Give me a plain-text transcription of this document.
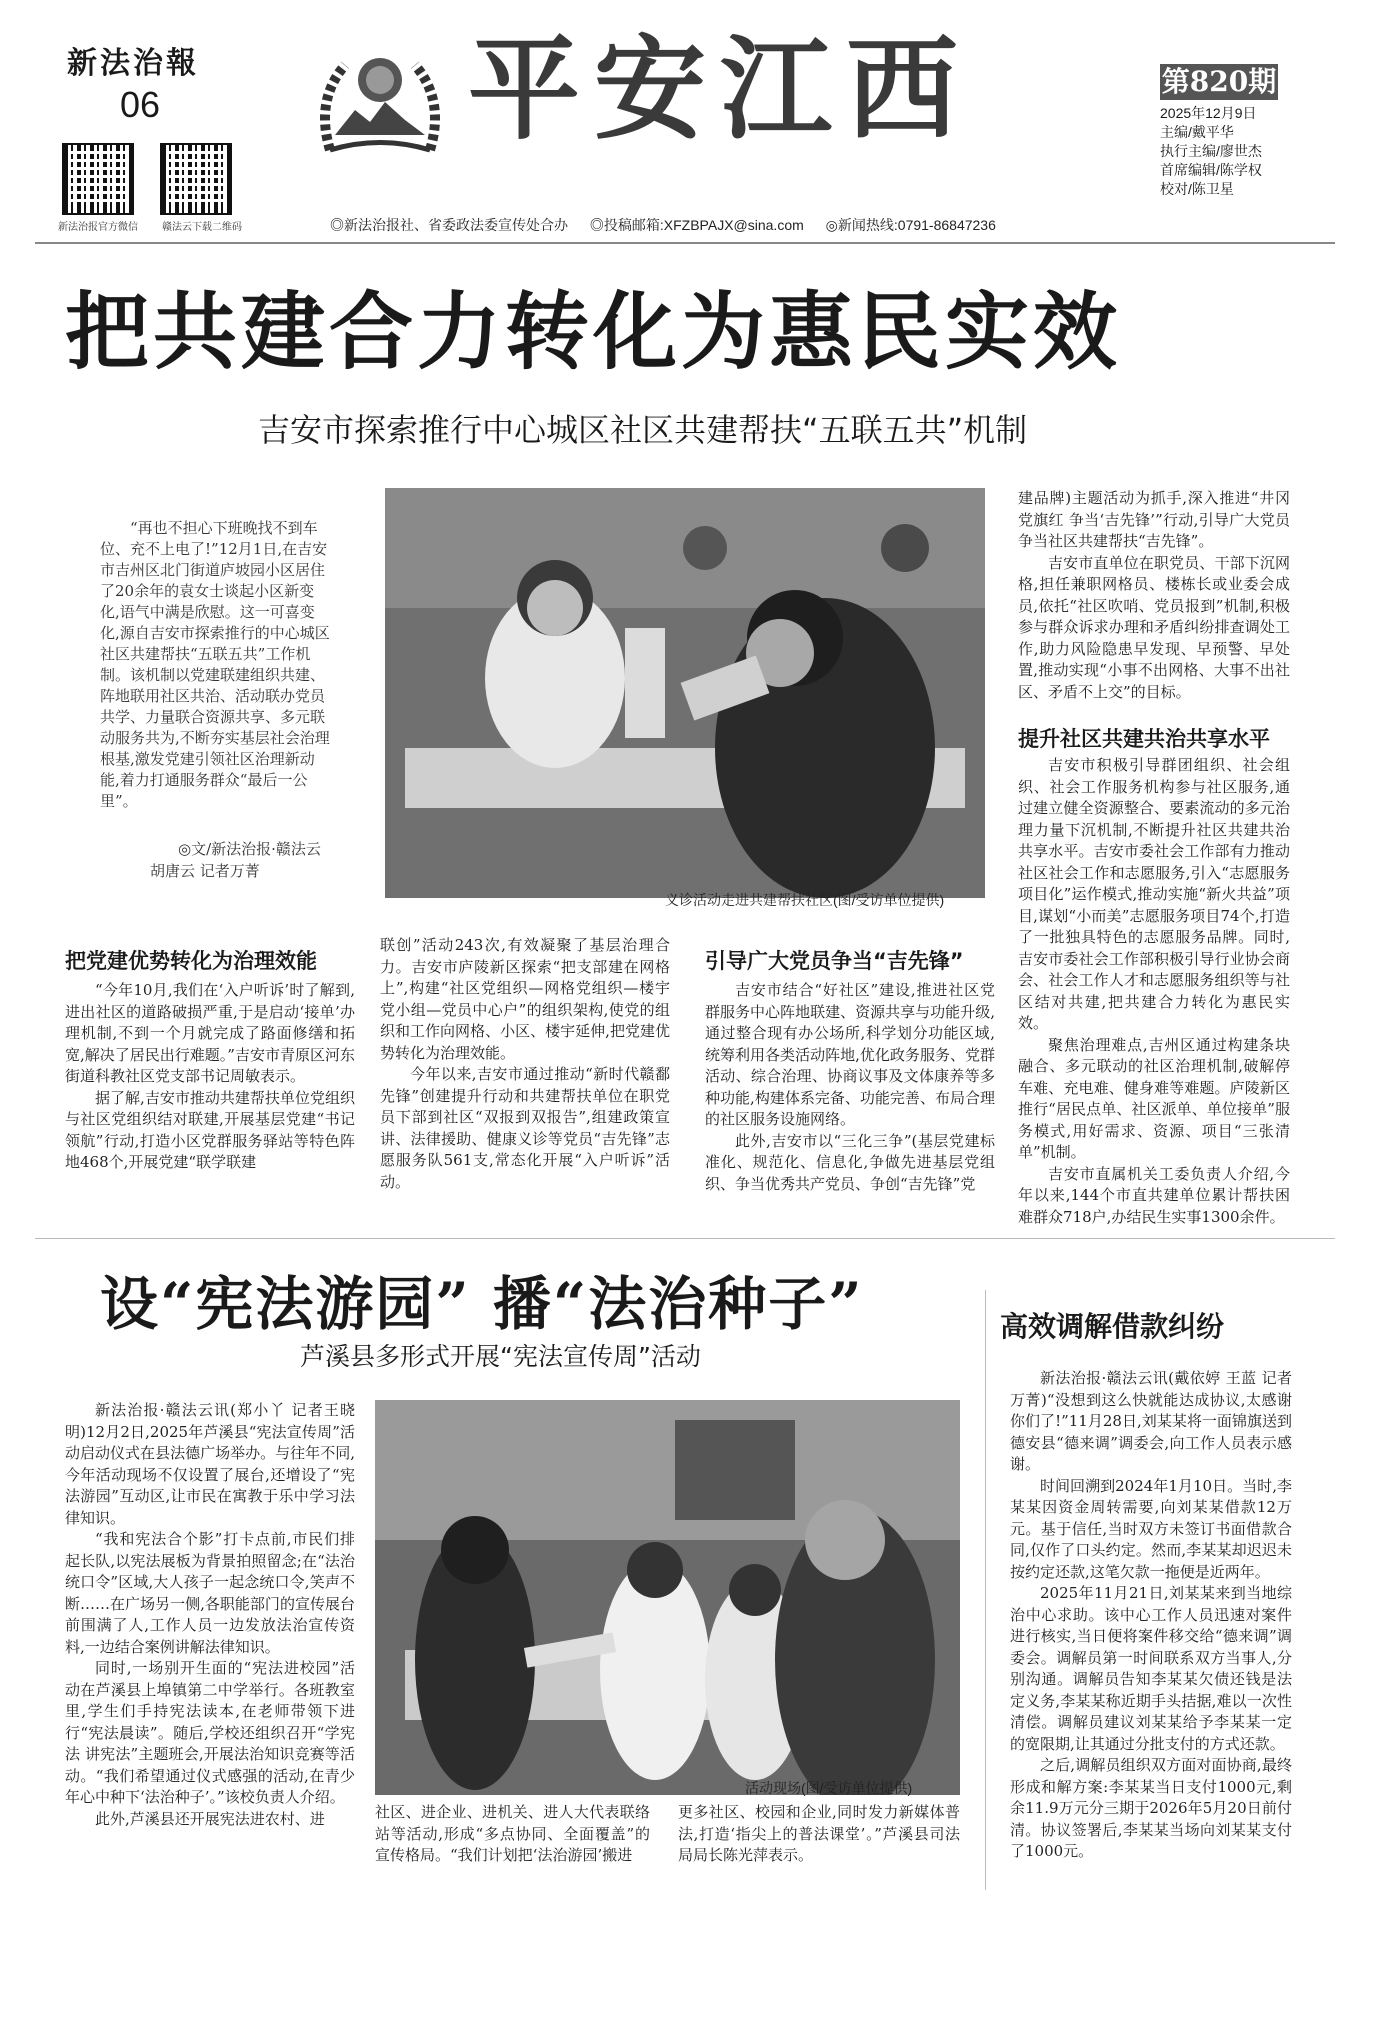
新法治報
06
新法治报官方微信 赣法云下载二维码
平安江西	第820期
2025年12月9日
主编/戴平华
执行主编/廖世杰
首席编辑/陈学权
校对/陈卫星
◎新法治报社、省委政法委宣传处合办 ◎投稿邮箱:XFZBPAJX@sina.com ◎新闻热线:0791-86847236
把共建合力转化为惠民实效
吉安市探索推行中心城区社区共建帮扶“五联五共”机制
“再也不担心下班晚找不到车位、充不上电了!”12月1日,在吉安市吉州区北门街道庐坡园小区居住了20余年的袁女士谈起小区新变化,语气中满是欣慰。这一可喜变化,源自吉安市探索推行的中心城区社区共建帮扶“五联五共”工作机制。该机制以党建联建组织共建、阵地联用社区共治、活动联办党员共学、力量联合资源共享、多元联动服务共为,不断夯实基层社会治理根基,激发党建引领社区治理新动能,着力打通服务群众“最后一公里”。
◎文/新法治报·赣法云
胡唐云 记者万菁
义诊活动走进共建帮扶社区(图/受访单位提供)

建品牌)主题活动为抓手,深入推进“井冈党旗红 争当‘吉先锋’”行动,引导广大党员争当社区共建帮扶“吉先锋”。

吉安市直单位在职党员、干部下沉网格,担任兼职网格员、楼栋长或业委会成员,依托“社区吹哨、党员报到”机制,积极参与群众诉求办理和矛盾纠纷排查调处工作,助力风险隐患早发现、早预警、早处置,推动实现“小事不出网格、大事不出社区、矛盾不上交”的目标。

提升社区共建共治共享水平

吉安市积极引导群团组织、社会组织、社会工作服务机构参与社区服务,通过建立健全资源整合、要素流动的多元治理力量下沉机制,不断提升社区共建共治共享水平。吉安市委社会工作部有力推动社区社会工作和志愿服务,引入“志愿服务项目化”运作模式,推动实施“新火共益”项目,谋划“小而美”志愿服务项目74个,打造了一批独具特色的志愿服务品牌。同时,吉安市委社会工作部积极引导行业协会商会、社会工作人才和志愿服务组织等与社区结对共建,把共建合力转化为惠民实效。

聚焦治理难点,吉州区通过构建条块融合、多元联动的社区治理机制,破解停车难、充电难、健身难等难题。庐陵新区推行“居民点单、社区派单、单位接单”服务模式,用好需求、资源、项目“三张清单”机制。

吉安市直属机关工委负责人介绍,今年以来,144个市直共建单位累计帮扶困难群众718户,办结民生实事1300余件。

把党建优势转化为治理效能

“今年10月,我们在‘入户听诉’时了解到,进出社区的道路破损严重,于是启动‘接单’办理机制,不到一个月就完成了路面修缮和拓宽,解决了居民出行难题。”吉安市青原区河东街道科教社区党支部书记周敏表示。

据了解,吉安市推动共建帮扶单位党组织与社区党组织结对联建,开展基层党建“书记领航”行动,打造小区党群服务驿站等特色阵地468个,开展党建“联学联建

联创”活动243次,有效凝聚了基层治理合力。吉安市庐陵新区探索“把支部建在网格上”,构建“社区党组织—网格党组织—楼宇党小组—党员中心户”的组织架构,使党的组织和工作向网格、小区、楼宇延伸,把党建优势转化为治理效能。

今年以来,吉安市通过推动“新时代赣鄱先锋”创建提升行动和共建帮扶单位在职党员下部到社区“双报到双报告”,组建政策宣讲、法律援助、健康义诊等党员“吉先锋”志愿服务队561支,常态化开展“入户听诉”活动。

引导广大党员争当“吉先锋”

吉安市结合“好社区”建设,推进社区党群服务中心阵地联建、资源共享与功能升级,通过整合现有办公场所,科学划分功能区域,统筹利用各类活动阵地,优化政务服务、党群活动、综合治理、协商议事及文体康养等多种功能,构建体系完备、功能完善、布局合理的社区服务设施网络。

此外,吉安市以“三化三争”(基层党建标准化、规范化、信息化,争做先进基层党组织、争当优秀共产党员、争创“吉先锋”党

设“宪法游园” 播“法治种子”
芦溪县多形式开展“宪法宣传周”活动

新法治报·赣法云讯(郑小丫 记者王晓明)12月2日,2025年芦溪县“宪法宣传周”活动启动仪式在县法德广场举办。与往年不同,今年活动现场不仅设置了展台,还增设了“宪法游园”互动区,让市民在寓教于乐中学习法律知识。

“我和宪法合个影”打卡点前,市民们排起长队,以宪法展板为背景拍照留念;在“法治统口令”区域,大人孩子一起念统口令,笑声不断……在广场另一侧,各职能部门的宣传展台前围满了人,工作人员一边发放法治宣传资料,一边结合案例讲解法律知识。

同时,一场别开生面的“宪法进校园”活动在芦溪县上埠镇第二中学举行。各班教室里,学生们手持宪法读本,在老师带领下进行“宪法晨读”。随后,学校还组织召开“学宪法 讲宪法”主题班会,开展法治知识竞赛等活动。“我们希望通过仪式感强的活动,在青少年心中种下‘法治种子’。”该校负责人介绍。

此外,芦溪县还开展宪法进农村、进

活动现场(图/受访单位提供)

社区、进企业、进机关、进人大代表联络站等活动,形成“多点协同、全面覆盖”的宣传格局。“我们计划把‘法治游园’搬进

更多社区、校园和企业,同时发力新媒体普法,打造‘指尖上的普法课堂’。”芦溪县司法局局长陈光萍表示。

高效调解借款纠纷

新法治报·赣法云讯(戴依婷 王蓝 记者万菁)“没想到这么快就能达成协议,太感谢你们了!”11月28日,刘某某将一面锦旗送到德安县“德来调”调委会,向工作人员表示感谢。

时间回溯到2024年1月10日。当时,李某某因资金周转需要,向刘某某借款12万元。基于信任,当时双方未签订书面借款合同,仅作了口头约定。然而,李某某却迟迟未按约定还款,这笔欠款一拖便是近两年。

2025年11月21日,刘某某来到当地综治中心求助。该中心工作人员迅速对案件进行核实,当日便将案件移交给“德来调”调委会。调解员第一时间联系双方当事人,分别沟通。调解员告知李某某欠债还钱是法定义务,李某某称近期手头拮据,难以一次性清偿。调解员建议刘某某给予李某某一定的宽限期,让其通过分批支付的方式还款。

之后,调解员组织双方面对面协商,最终形成和解方案:李某某当日支付1000元,剩余11.9万元分三期于2026年5月20日前付清。协议签署后,李某某当场向刘某某支付了1000元。
